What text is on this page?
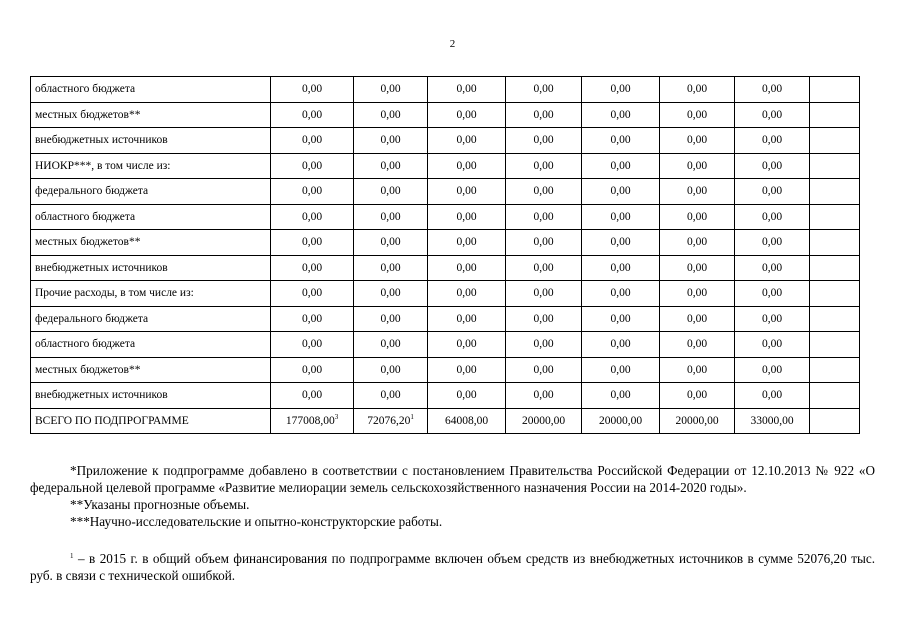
2
областного бюджета	0,00	0,00	0,00	0,00	0,00	0,00	0,00	
местных бюджетов**	0,00	0,00	0,00	0,00	0,00	0,00	0,00	
внебюджетных источников	0,00	0,00	0,00	0,00	0,00	0,00	0,00	
НИОКР***, в том числе из:	0,00	0,00	0,00	0,00	0,00	0,00	0,00	
федерального бюджета	0,00	0,00	0,00	0,00	0,00	0,00	0,00	
областного бюджета	0,00	0,00	0,00	0,00	0,00	0,00	0,00	
местных бюджетов**	0,00	0,00	0,00	0,00	0,00	0,00	0,00	
внебюджетных источников	0,00	0,00	0,00	0,00	0,00	0,00	0,00	
Прочие расходы, в том числе из:	0,00	0,00	0,00	0,00	0,00	0,00	0,00	
федерального бюджета	0,00	0,00	0,00	0,00	0,00	0,00	0,00	
областного бюджета	0,00	0,00	0,00	0,00	0,00	0,00	0,00	
местных бюджетов**	0,00	0,00	0,00	0,00	0,00	0,00	0,00	
внебюджетных источников	0,00	0,00	0,00	0,00	0,00	0,00	0,00	
ВСЕГО ПО ПОДПРОГРАММЕ	177008,00$^3$	72076,20$^1$	64008,00	20000,00	20000,00	20000,00	33000,00	

*Приложение к подпрограмме добавлено в соответствии с постановлением Правительства Российской Федерации от 12.10.2013 № 922 «О федеральной целевой программе «Развитие мелиорации земель сельскохозяйственного назначения России на 2014-2020 годы».

**Указаны прогнозные объемы.

***Научно-исследовательские и опытно-конструкторские работы.

$^1$ – в 2015 г. в общий объем финансирования по подпрограмме включен объем средств из внебюджетных источников в сумме 52076,20 тыс. руб. в связи с технической ошибкой.
